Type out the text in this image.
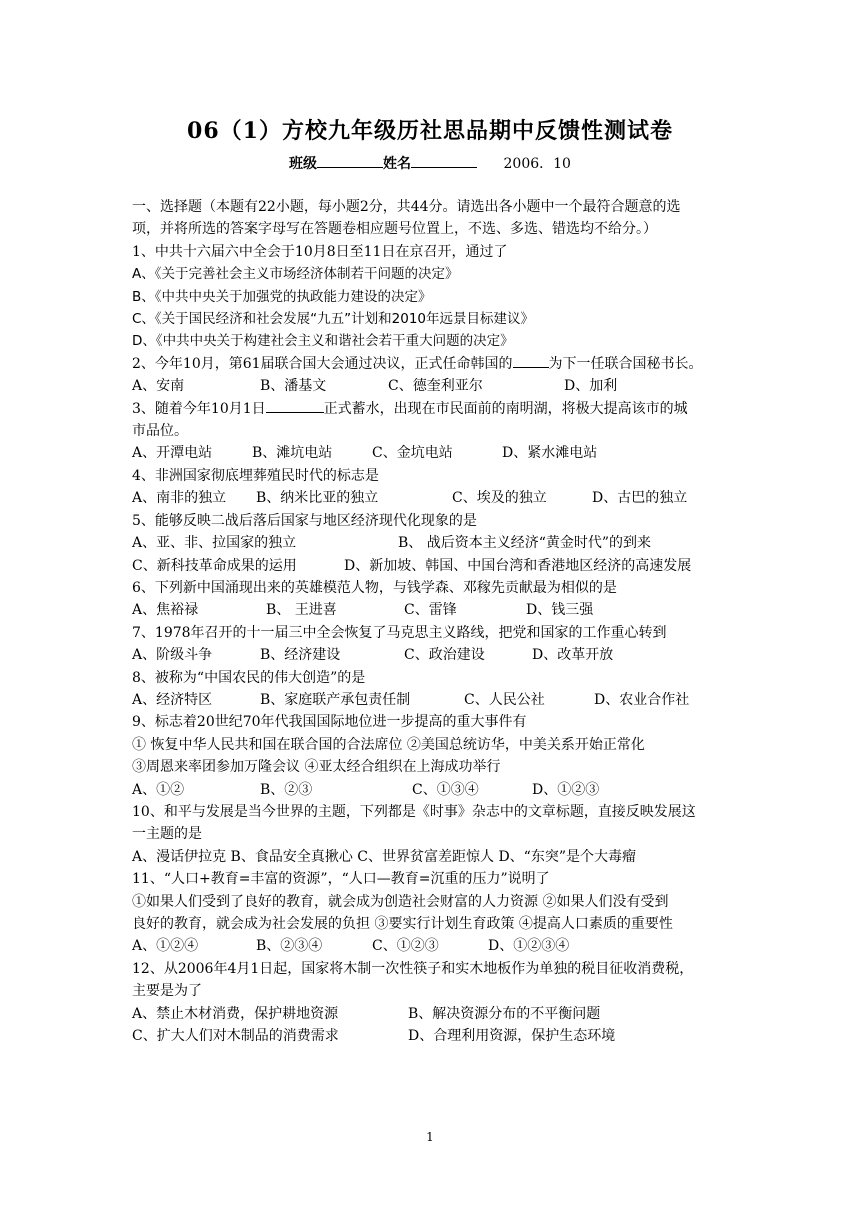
06（1）方校九年级历社思品期中反馈性测试卷
班级	姓名	2006．10
一、选择题（本题有22小题，每小题2分，共44分。请选出各小题中一个最符合题意的选
项，并将所选的答案字母写在答题卷相应题号位置上，不选、多选、错选均不给分。）
1、中共十六届六中全会于10月8日至11日在京召开，通过了
A、《关于完善社会主义市场经济体制若干问题的决定》
B、《中共中央关于加强党的执政能力建设的决定》
C、《关于国民经济和社会发展“九五”计划和2010年远景目标建议》
D、《中共中央关于构建社会主义和谐社会若干重大问题的决定》
2、今年10月，第61届联合国大会通过决议，正式任命韩国的	为下一任联合国秘书长。
A、安南	B、潘基文	C、德奎利亚尔	D、加利
3、随着今年10月1日	正式蓄水，出现在市民面前的南明湖，将极大提高该市的城
市品位。
A、开潭电站	B、滩坑电站	C、金坑电站	D、紧水滩电站
4、非洲国家彻底埋葬殖民时代的标志是
A、南非的独立	B、纳米比亚的独立	C、埃及的独立	D、古巴的独立
5、能够反映二战后落后国家与地区经济现代化现象的是
A、亚、非、拉国家的独立	B、 战后资本主义经济“黄金时代”的到来
C、新科技革命成果的运用	D、新加坡、韩国、中国台湾和香港地区经济的高速发展
6、下列新中国涌现出来的英雄模范人物，与钱学森、邓稼先贡献最为相似的是
A、焦裕禄	B、 王进喜	C、雷锋	D、钱三强
7、1978年召开的十一届三中全会恢复了马克思主义路线，把党和国家的工作重心转到
A、阶级斗争	B、经济建设	C、政治建设	D、改革开放
8、被称为“中国农民的伟大创造”的是
A、经济特区	B、家庭联产承包责任制	C、人民公社	D、农业合作社
9、标志着20世纪70年代我国国际地位进一步提高的重大事件有
① 恢复中华人民共和国在联合国的合法席位 ②美国总统访华，中美关系开始正常化
③周恩来率团参加万隆会议 ④亚太经合组织在上海成功举行
A、①②	B、②③	C、①③④	D、①②③
10、和平与发展是当今世界的主题，下列都是《时事》杂志中的文章标题，直接反映发展这
一主题的是
A、漫话伊拉克 B、食品安全真揪心 C、世界贫富差距惊人 D、“东突”是个大毒瘤
11、“人口+教育=丰富的资源”，“人口—教育=沉重的压力”说明了
①如果人们受到了良好的教育，就会成为创造社会财富的人力资源 ②如果人们没有受到
良好的教育，就会成为社会发展的负担 ③要实行计划生育政策 ④提高人口素质的重要性
A、①②④	B、②③④	C、①②③	D、①②③④
12、从2006年4月1日起，国家将木制一次性筷子和实木地板作为单独的税目征收消费税，
主要是为了
A、禁止木材消费，保护耕地资源	B、解决资源分布的不平衡问题
C、扩大人们对木制品的消费需求	D、合理利用资源，保护生态环境
1
